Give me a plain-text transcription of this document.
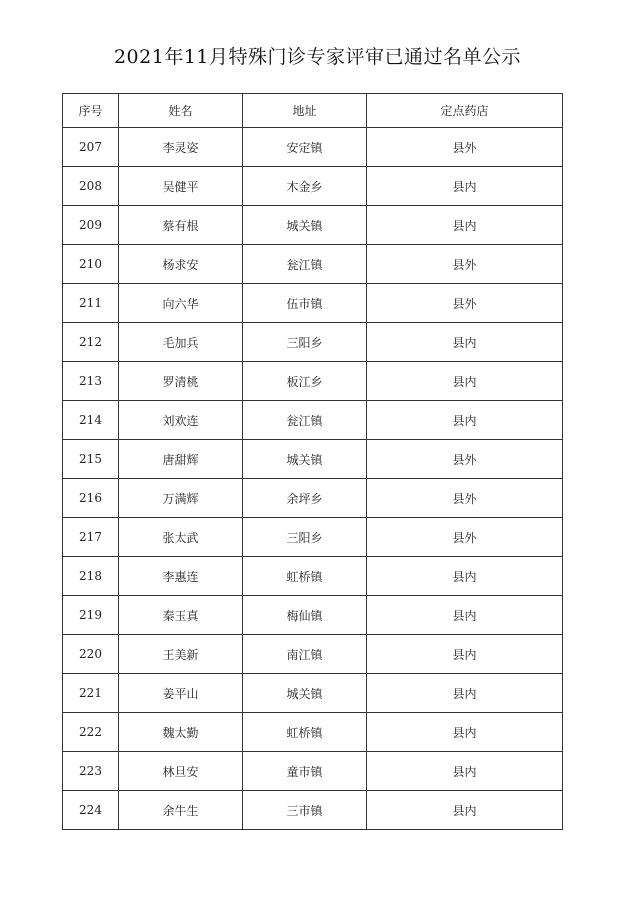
2021年11月特殊门诊专家评审已通过名单公示
序号	姓名	地址	定点药店
207	李灵姿	安定镇	县外
208	吴健平	木金乡	县内
209	蔡有根	城关镇	县内
210	杨求安	瓮江镇	县外
211	向六华	伍市镇	县外
212	毛加兵	三阳乡	县内
213	罗清桃	板江乡	县内
214	刘欢连	瓮江镇	县内
215	唐甜辉	城关镇	县外
216	万满辉	余坪乡	县外
217	张太武	三阳乡	县外
218	李惠连	虹桥镇	县内
219	秦玉真	梅仙镇	县内
220	王美新	南江镇	县内
221	姜平山	城关镇	县内
222	魏太勤	虹桥镇	县内
223	林旦安	童市镇	县内
224	余牛生	三市镇	县内
